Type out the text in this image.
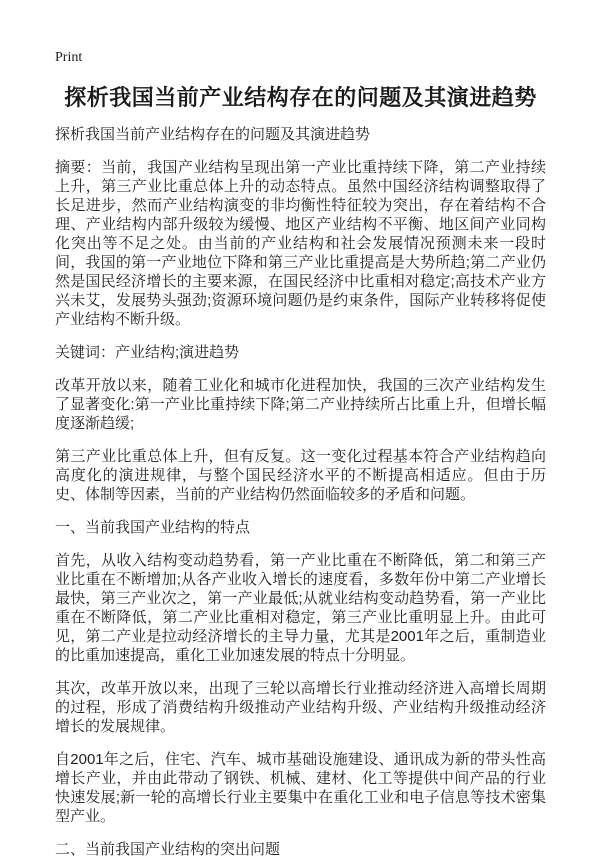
Print
探析我国当前产业结构存在的问题及其演进趋势
探析我国当前产业结构存在的问题及其演进趋势

摘要：当前，我国产业结构呈现出第一产业比重持续下降，第二产业持续上升，第三产业比重总体上升的动态特点。虽然中国经济结构调整取得了长足进步，然而产业结构演变的非均衡性特征较为突出，存在着结构不合理、产业结构内部升级较为缓慢、地区产业结构不平衡、地区间产业同构化突出等不足之处。由当前的产业结构和社会发展情况预测未来一段时间，我国的第一产业地位下降和第三产业比重提高是大势所趋;第二产业仍然是国民经济增长的主要来源，在国民经济中比重相对稳定;高技术产业方兴未艾，发展势头强劲;资源环境问题仍是约束条件，国际产业转移将促使产业结构不断升级。

关键词：产业结构;演进趋势

改革开放以来，随着工业化和城市化进程加快，我国的三次产业结构发生了显著变化:第一产业比重持续下降;第二产业持续所占比重上升，但增长幅度逐渐趋缓;

第三产业比重总体上升，但有反复。这一变化过程基本符合产业结构趋向高度化的演进规律，与整个国民经济水平的不断提高相适应。但由于历史、体制等因素，当前的产业结构仍然面临较多的矛盾和问题。

一、当前我国产业结构的特点

首先，从收入结构变动趋势看，第一产业比重在不断降低，第二和第三产业比重在不断增加;从各产业收入增长的速度看，多数年份中第二产业增长最快，第三产业次之，第一产业最低;从就业结构变动趋势看，第一产业比重在不断降低，第二产业比重相对稳定，第三产业比重明显上升。由此可见，第二产业是拉动经济增长的主导力量，尤其是2001年之后，重制造业的比重加速提高，重化工业加速发展的特点十分明显。

其次，改革开放以来，出现了三轮以高增长行业推动经济进入高增长周期的过程，形成了消费结构升级推动产业结构升级、产业结构升级推动经济增长的发展规律。

自2001年之后，住宅、汽车、城市基础设施建设、通讯成为新的带头性高增长产业，并由此带动了钢铁、机械、建材、化工等提供中间产品的行业快速发展;新一轮的高增长行业主要集中在重化工业和电子信息等技术密集型产业。

二、当前我国产业结构的突出问题
